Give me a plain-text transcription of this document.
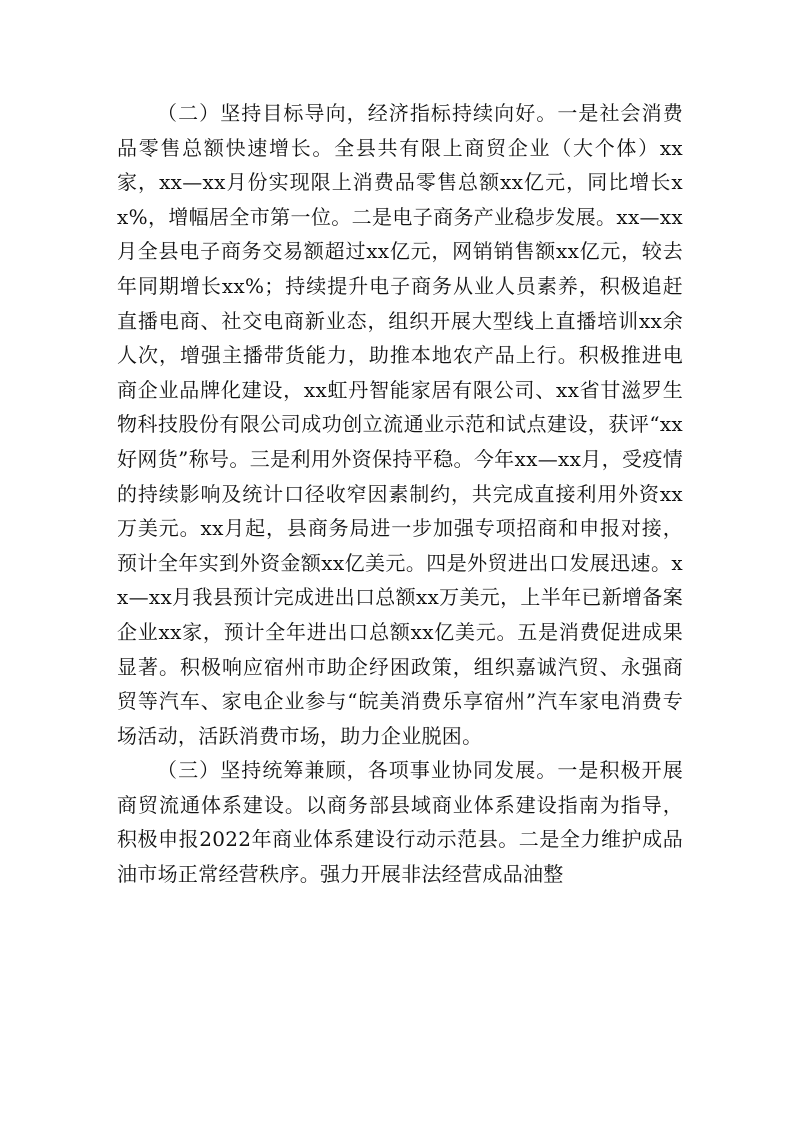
（二）坚持目标导向，经济指标持续向好。一是社会消费品零售总额快速增长。全县共有限上商贸企业（大个体）xx家，xx—xx月份实现限上消费品零售总额xx亿元，同比增长xx%，增幅居全市第一位。二是电子商务产业稳步发展。xx—xx月全县电子商务交易额超过xx亿元，网销销售额xx亿元，较去年同期增长xx%；持续提升电子商务从业人员素养，积极追赶直播电商、社交电商新业态，组织开展大型线上直播培训xx余人次，增强主播带货能力，助推本地农产品上行。积极推进电商企业品牌化建设，xx虹丹智能家居有限公司、xx省甘滋罗生物科技股份有限公司成功创立流通业示范和试点建设，获评“xx好网货”称号。三是利用外资保持平稳。今年xx—xx月，受疫情的持续影响及统计口径收窄因素制约，共完成直接利用外资xx万美元。xx月起，县商务局进一步加强专项招商和申报对接，预计全年实到外资金额xx亿美元。四是外贸进出口发展迅速。xx—xx月我县预计完成进出口总额xx万美元，上半年已新增备案企业xx家，预计全年进出口总额xx亿美元。五是消费促进成果显著。积极响应宿州市助企纾困政策，组织嘉诚汽贸、永强商贸等汽车、家电企业参与“皖美消费乐享宿州”汽车家电消费专场活动，活跃消费市场，助力企业脱困。

（三）坚持统筹兼顾，各项事业协同发展。一是积极开展商贸流通体系建设。以商务部县域商业体系建设指南为指导，积极申报2022年商业体系建设行动示范县。二是全力维护成品油市场正常经营秩序。强力开展非法经营成品油整
